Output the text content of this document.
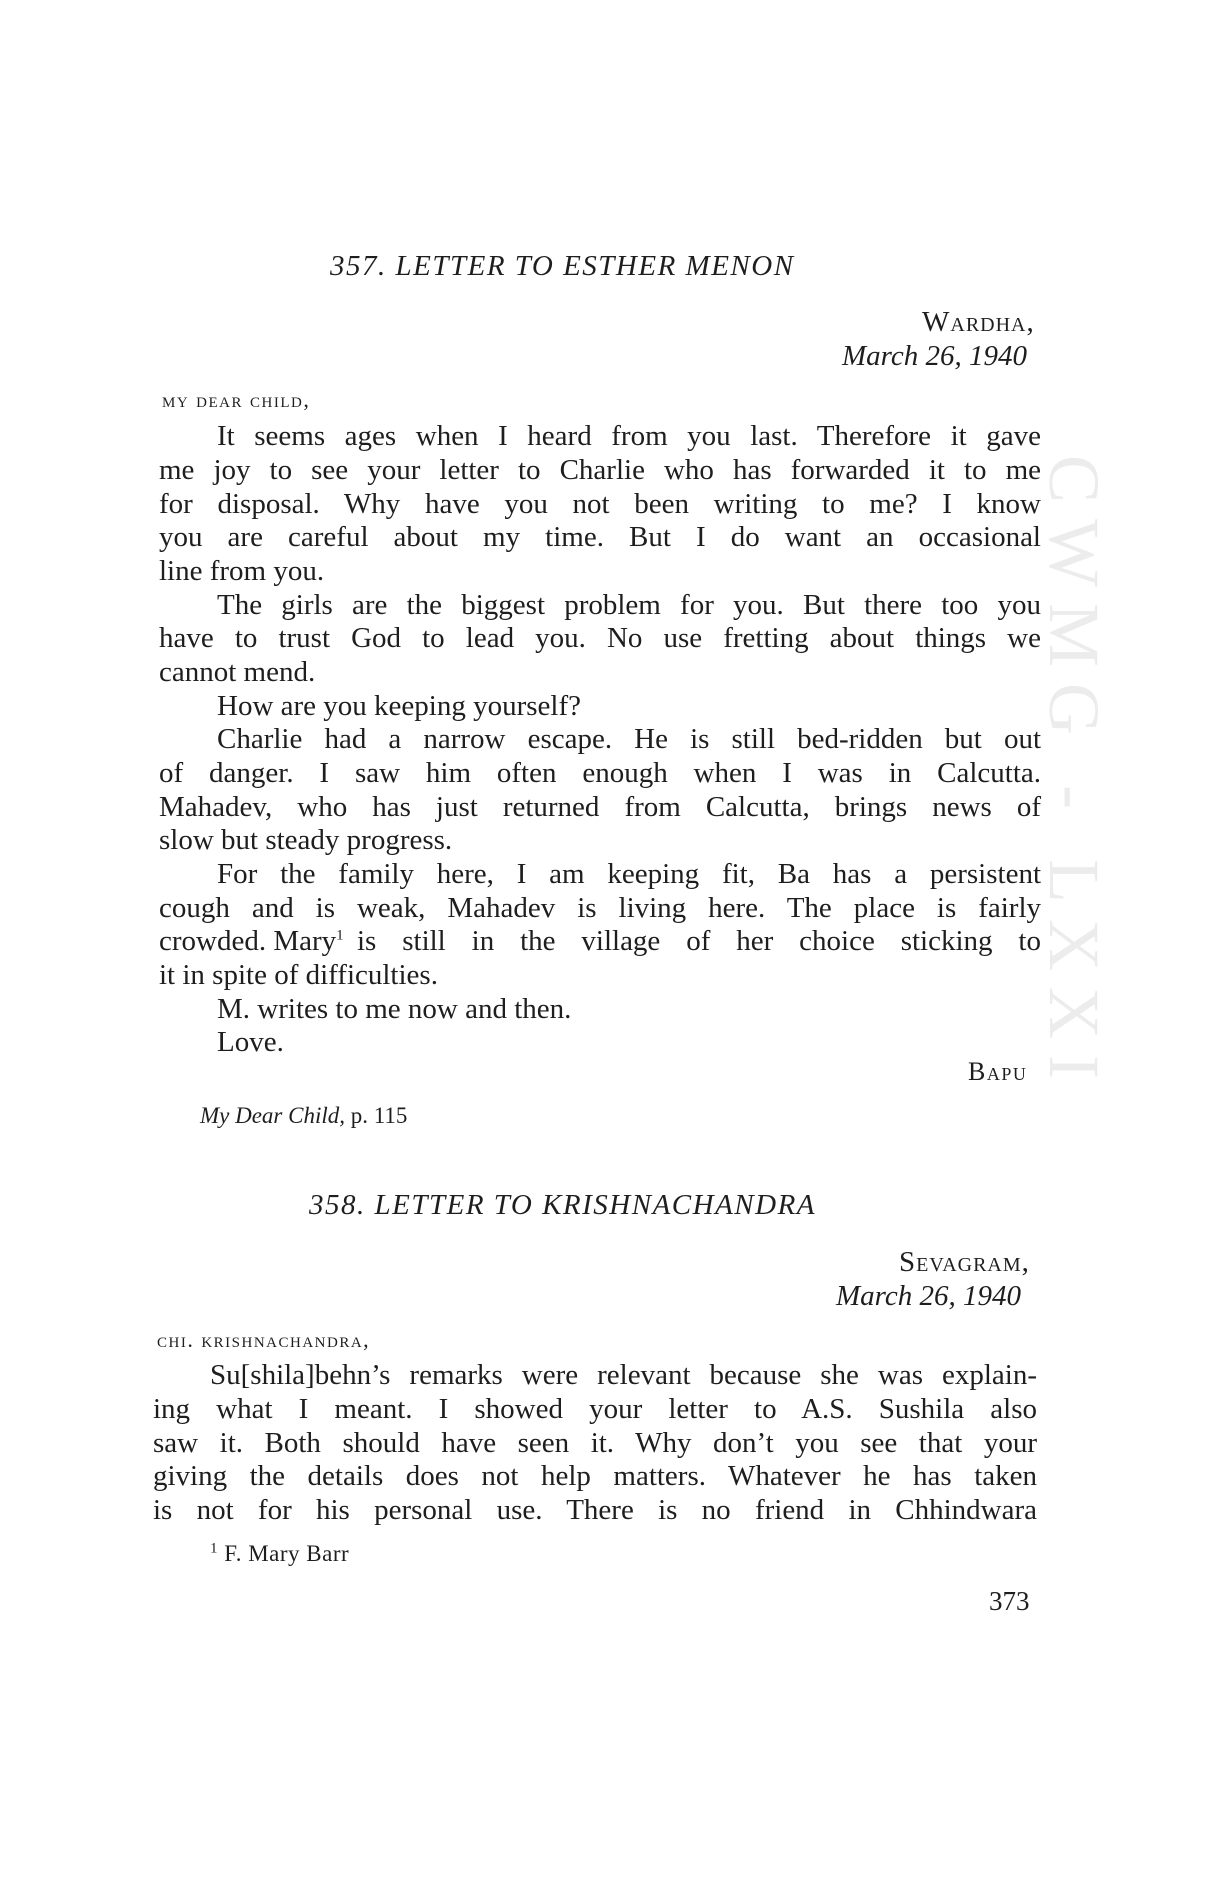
CWMG - LXXI
357. LETTER TO ESTHER MENON
Wardha,
March 26, 1940
my dear child,
It seems ages when I heard from you last. Therefore it gave
me joy to see your letter to Charlie who has forwarded it to me
for disposal. Why have you not been writing to me? I know
you are careful about my time. But I do want an occasional
line from you.
The girls are the biggest problem for you. But there too you
have to trust God to lead you. No use fretting about things we
cannot mend.
How are you keeping yourself?
Charlie had a narrow escape. He is still bed-ridden but out
of danger. I saw him often enough when I was in Calcutta.
Mahadev, who has just returned from Calcutta, brings news of
slow but steady progress.
For the family here, I am keeping fit, Ba has a persistent
cough and is weak, Mahadev is living here. The place is fairly
crowded. Mary$^1$ is still in the village of her choice sticking to
it in spite of difficulties.
M. writes to me now and then.
Love.
Bapu
My Dear Child, p. 115
358. LETTER TO KRISHNACHANDRA
Sevagram,
March 26, 1940
chi. krishnachandra,
Su[shila]behn’s remarks were relevant because she was explain-
ing what I meant. I showed your letter to A.S. Sushila also
saw it. Both should have seen it. Why don’t you see that your
giving the details does not help matters. Whatever he has taken
is not for his personal use. There is no friend in Chhindwara
$^1$ F. Mary Barr
373
